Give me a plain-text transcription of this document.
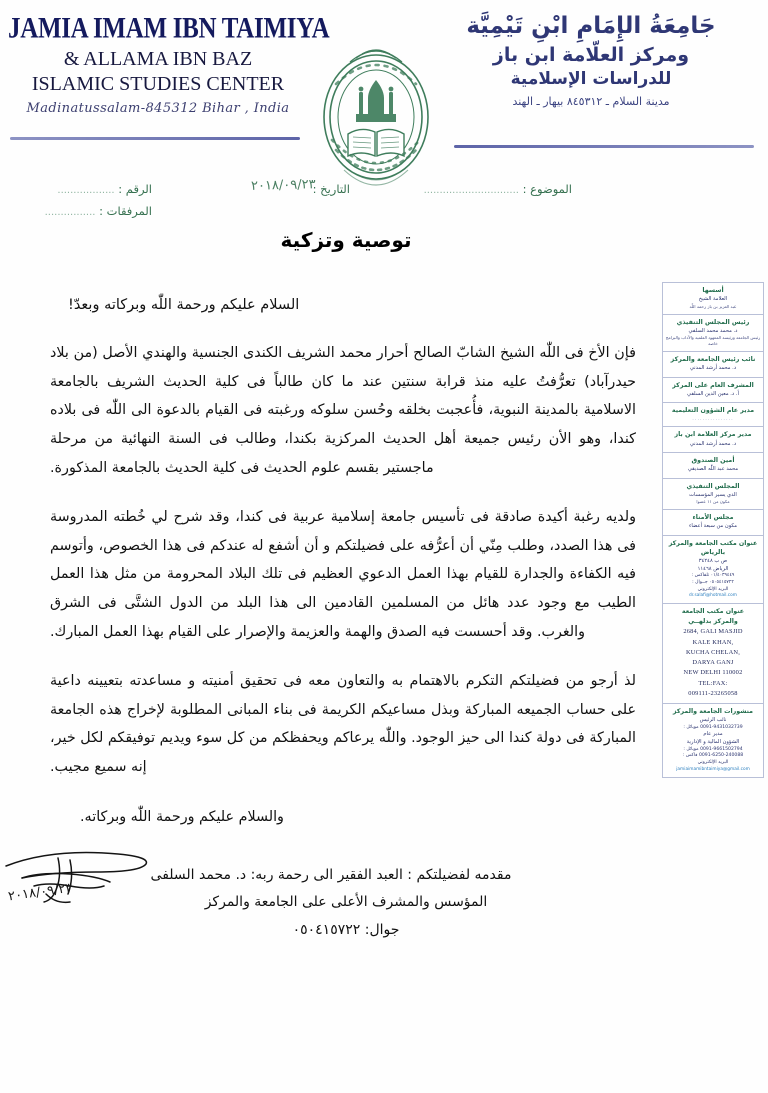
JAMIA IMAM IBN TAIMIYA
& ALLAMA IBN BAZ
ISLAMIC STUDIES CENTER
Madinatussalam-845312 Bihar , India
جَامِعَةُ الإِمَامِ ابْنِ تَيْمِيَّة
ومركز العلّامة ابن باز
للدراسات الإسلامية
مدينة السلام ـ ٨٤٥٣١٢ بيهار ـ الهند
الرقم : ..................	التاريخ :
٢٠١٨/٠٩/٢٣	الموضوع : ..............................
المرفقات : ................
توصية وتزكية
السلام عليكم ورحمة اللّٰه وبركاته وبعدّ!
فإن الأخ فى اللّٰه الشيخ الشابّ الصالح أحرار محمد الشريف الكندى الجنسية والهندي الأصل (من بلاد حيدرآباد) تعرُّفتُ عليه منذ قرابة سنتين عند ما كان طالباً فى كلية الحديث الشريف بالجامعة الاسلامية بالمدينة النبوية، فأُعجبت بخلقه وحُسن سلوكه ورغبته فى القيام بالدعوة الى اللّٰه فى بلاده كندا، وهو الأن رئيس جميعة أهل الحديث المركزية بكندا، وطالب فى السنة النهائية من مرحلة ماجستير بقسم علوم الحديث فى كلية الحديث بالجامعة المذكورة.
ولديه رغبة أكيدة صادقة فى تأسيس جامعة إسلامية عربية فى كندا، وقد شرح لي خُطته المدروسة فى هذا الصدد، وطلب مِنّي أن أعرُّفه على فضيلتكم و أن أشفع له عندكم فى هذا الخصوص، وأتوسم فيه الكفاءة والجدارة للقيام بهذا العمل الدعوي العظيم فى تلك البلاد المحرومة من مثل هذا العمل الطيب مع وجود عدد هائل من المسلمين القادمين الى هذا البلد من الدول الشتَّى فى الشرق والغرب. وقد أحسست فيه الصدق والهمة والعزيمة والإصرار على القيام بهذا العمل المبارك.
لذ أرجو من فضيلتكم التكرم بالاهتمام به والتعاون معه فى تحقيق أمنيته و مساعدته بتعيينه داعية على حساب الجميعه المباركة وبذل مساعيكم الكريمة فى بناء المبانى المطلوبة لإخراج هذه الجامعة المباركة فى دولة كندا الى حيز الوجود. واللّٰه يرعاكم ويحفظكم من كل سوء ويديم توفيقكم لكل خير، إنه سميع مجيب.
والسلام عليكم ورحمة اللّٰه وبركاته.
٢٠١٨/٠٩/٢٣
مقدمه لفضيلتكم : العبد الفقير الى رحمة ربه: د. محمد السلفى
المؤسس والمشرف الأعلى على الجامعة والمركز
جوال: ٠٥٠٤١٥٧٢٢
أسسها
العلامة الشيخ
عبد العزيز بن باز رحمه اللّٰه
رئيس المجلس التنفيذي
د. محمد محمد السلفي
رئيس الجامعة ورئيسة المعهود العلمية والآداب والبرامج خاصة
نائب رئيس الجامعة والمركز
د. محمد أرشد المدني
المشرف العام على المركز
أ. د. معين الدين السلفي
مدير عام الشؤون التعليمية
................
مدير مركز العلامة ابن باز
د. محمد أرشد المدني
أمين الصندوق
محمد عبد اللّٰه الصديقي
المجلس التنفيذي
الذي يسير المؤسسات
مكون من ١١ عضوا
مجلس الأمناء
مكون من سبعة أعضاء
عنوان مكتب الجامعة والمركز بالرياض
ص ب ٣٤٢٤٨
الرياض ١١٤٦٨
٠١/٤٠٣٩٤٤٩ تلفاكس :
٠٥٠٥٤١٥٧٢٢ جــوال :
البريد الإلكتروني
dr.salafi@hotmail.com
عنوان مكتب الجامعة
والمركز بدلهــي
2684, GALI MASJID
KALE KHAN,
KUCHA CHELAN,
DARYA GANJ
NEW DELHI 110002
TEL:FAX:
009111-23265058
منشورات الجامعة والمركز
نائب الرئيس
0091-9431032739 موبائل :
مدير عام
الشؤون المالية و الإدارية
0091-9661502794 موبائل :
0091-6250-240088 فاكس :
البريد الإلكتروني
jamiaimamibntaimiya@gmail.com
